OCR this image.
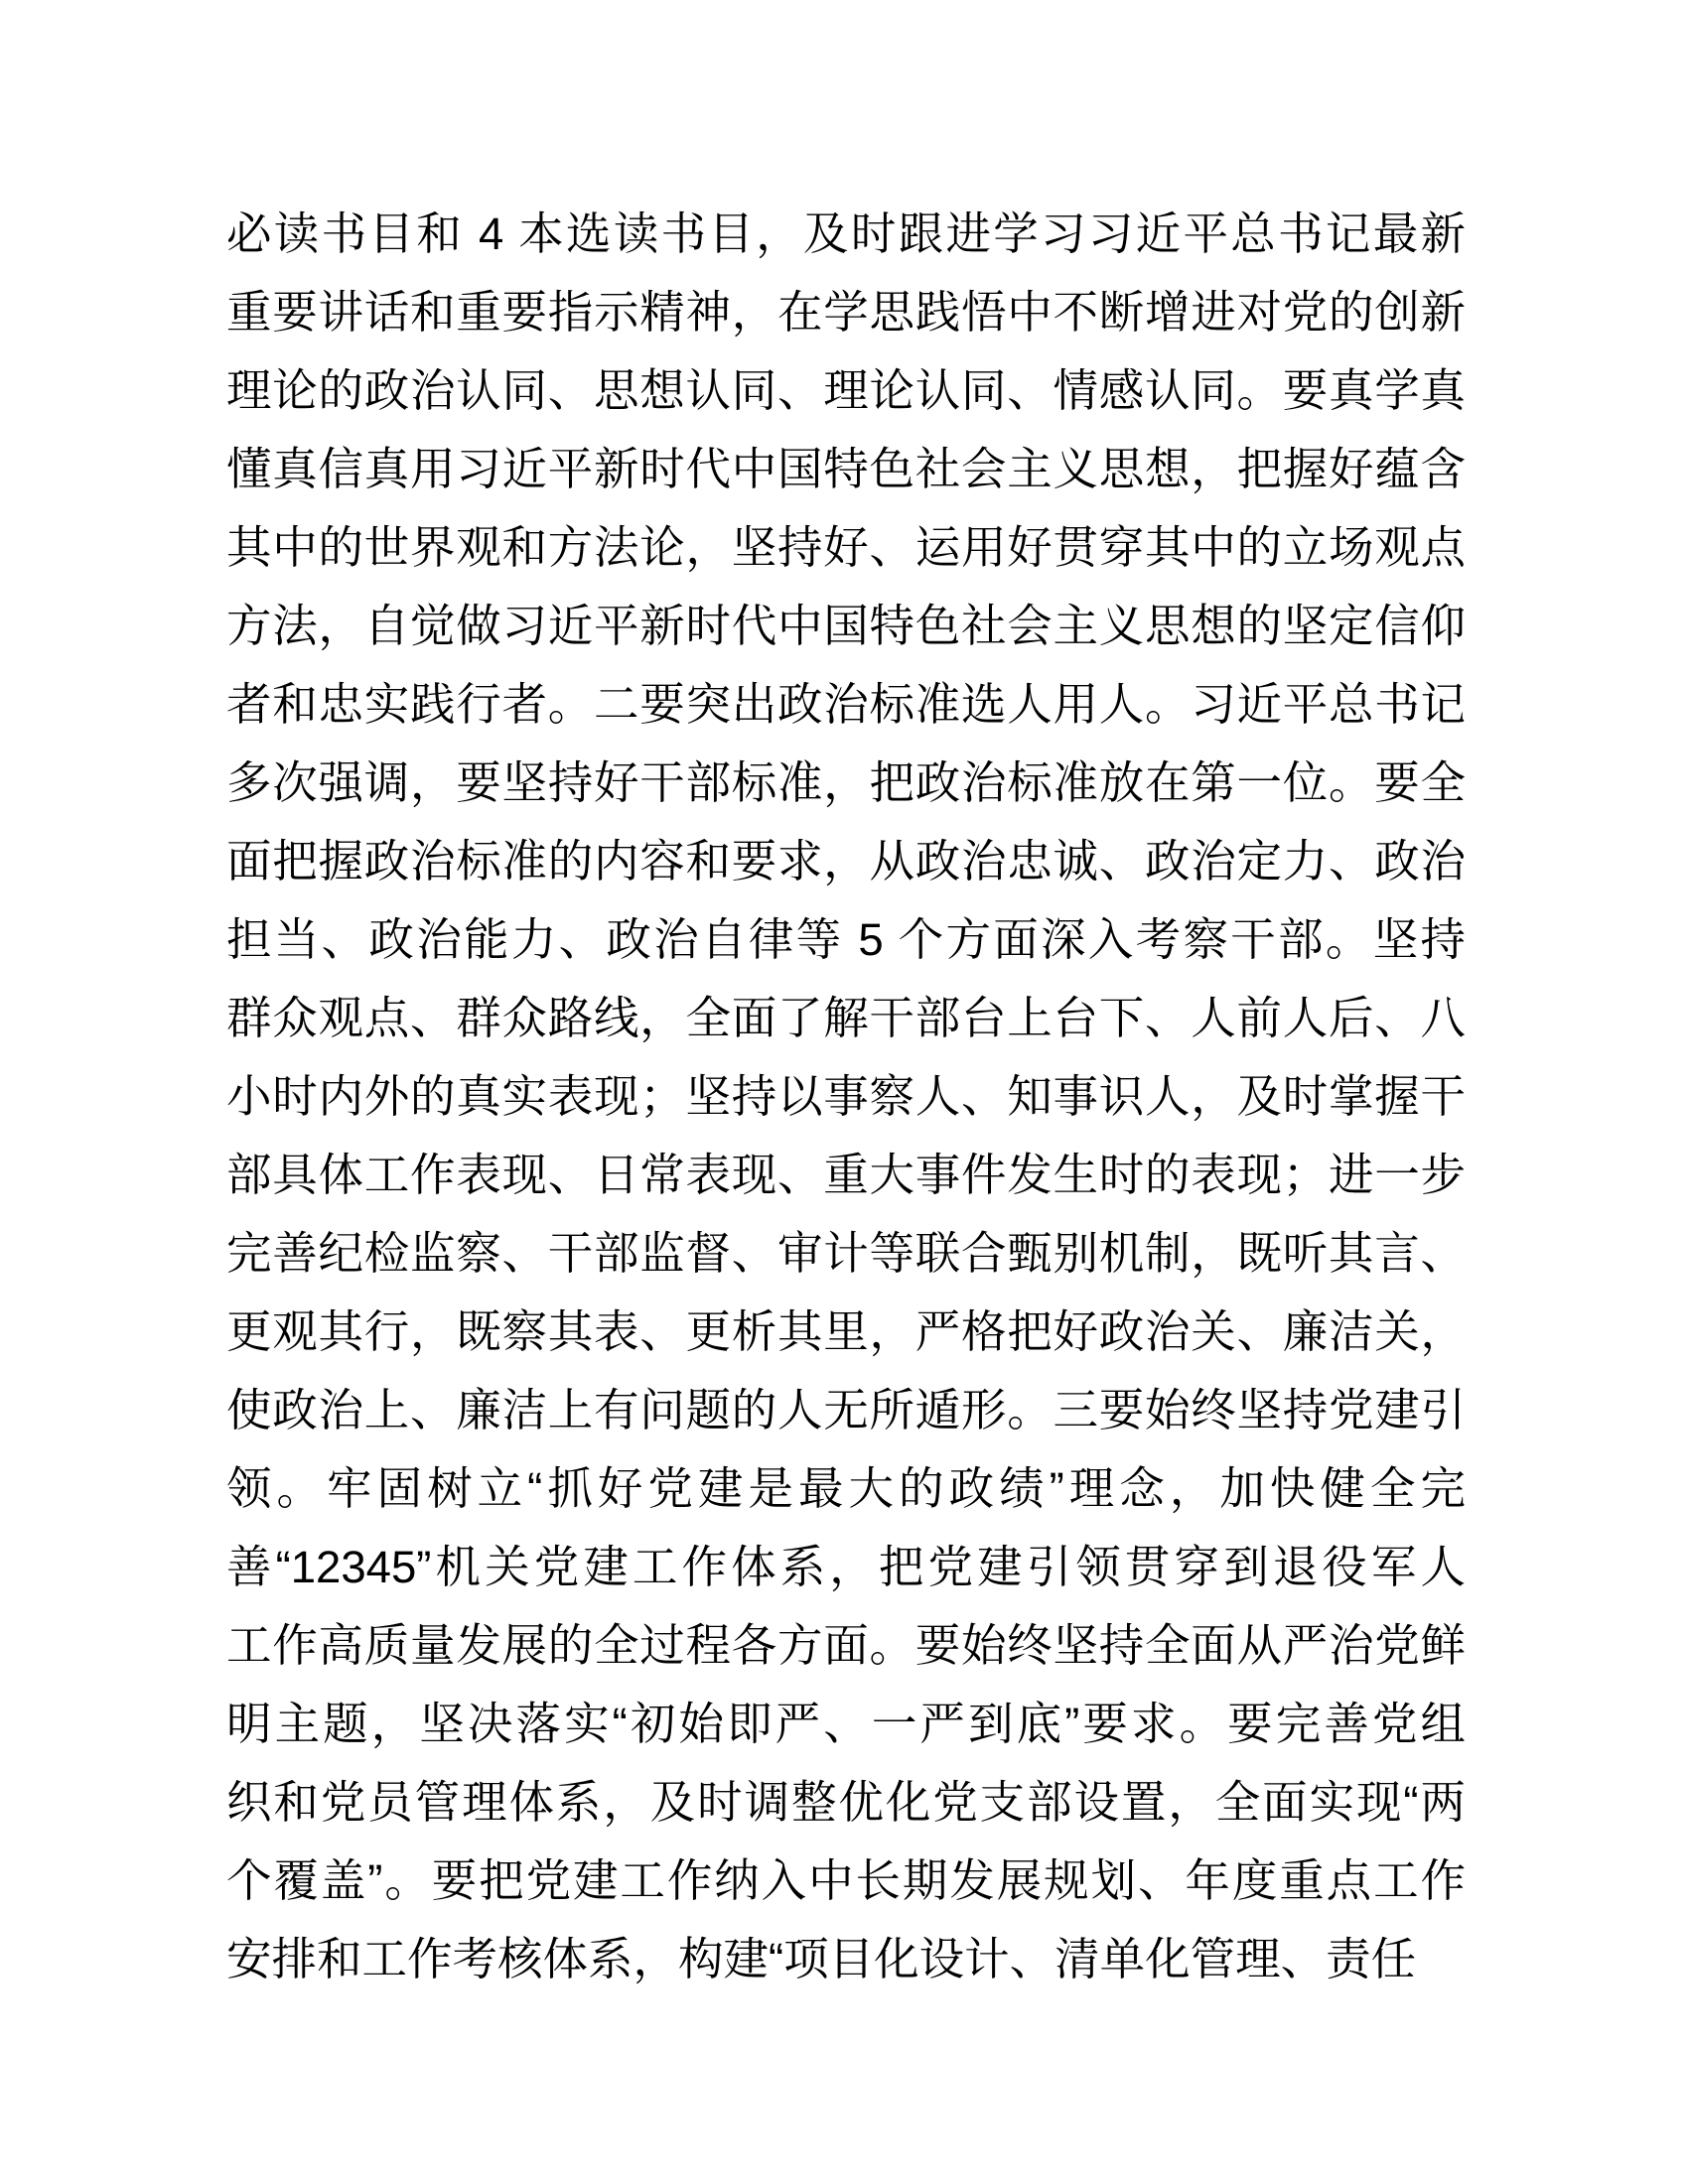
必读书目和 4 本选读书目，及时跟进学习习近平总书记最新
重要讲话和重要指示精神，在学思践悟中不断增进对党的创新
理论的政治认同、思想认同、理论认同、情感认同。要真学真
懂真信真用习近平新时代中国特色社会主义思想，把握好蕴含
其中的世界观和方法论，坚持好、运用好贯穿其中的立场观点
方法，自觉做习近平新时代中国特色社会主义思想的坚定信仰
者和忠实践行者。二要突出政治标准选人用人。习近平总书记
多次强调，要坚持好干部标准，把政治标准放在第一位。要全
面把握政治标准的内容和要求，从政治忠诚、政治定力、政治
担当、政治能力、政治自律等 5 个方面深入考察干部。坚持
群众观点、群众路线，全面了解干部台上台下、人前人后、八
小时内外的真实表现；坚持以事察人、知事识人，及时掌握干
部具体工作表现、日常表现、重大事件发生时的表现；进一步
完善纪检监察、干部监督、审计等联合甄别机制，既听其言、
更观其行，既察其表、更析其里，严格把好政治关、廉洁关，
使政治上、廉洁上有问题的人无所遁形。三要始终坚持党建引
领。牢固树立“抓好党建是最大的政绩”理念，加快健全完
善“12345”机关党建工作体系，把党建引领贯穿到退役军人
工作高质量发展的全过程各方面。要始终坚持全面从严治党鲜
明主题，坚决落实“初始即严、一严到底”要求。要完善党组
织和党员管理体系，及时调整优化党支部设置，全面实现“两
个覆盖”。要把党建工作纳入中长期发展规划、年度重点工作
安排和工作考核体系，构建“项目化设计、清单化管理、责任
